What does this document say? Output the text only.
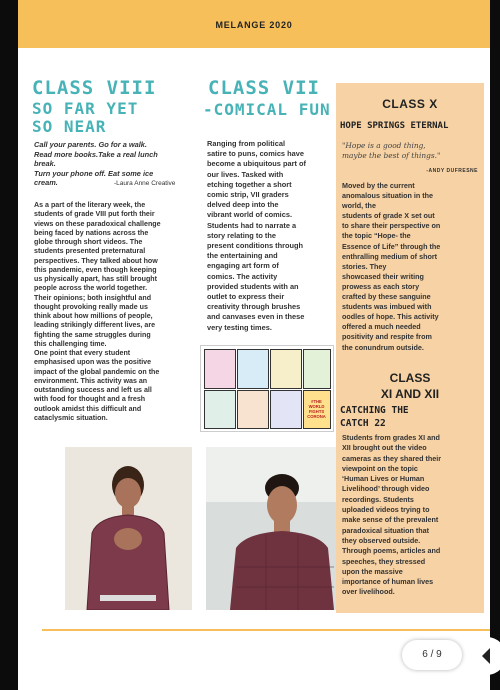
MELANGE 2020
CLASS VIII
SO FAR YET
SO NEAR
Call your parents. Go for a walk.
Read more books.Take a real lunch
break.
Turn your phone off. Eat some ice
cream.	-Laura Anne Creative
As a part of the literary week, the
students of grade VIII put forth their
views on these paradoxical challenge
being faced by nations across the
globe through short videos. The
students presented preternatural
perspectives. They talked about how
this pandemic, even though keeping
us physically apart, has still brought
people across the world together.
Their opinions; both insightful and
thought provoking really made us
think about how millions of people,
leading strikingly different lives, are
fighting the same struggles during
this challenging time.
One point that every student
emphasised upon was the positive
impact of the global pandemic on the
environment. This activity was an
outstanding success and left us all
with food for thought and a fresh
outlook amidst this difficult and
cataclysmic situation.
CLASS VII
-COMICAL FUN
Ranging from political
satire to puns, comics have
become a ubiquitous part of
our lives. Tasked with
etching together a short
comic strip, VII graders
delved deep into the
vibrant world of comics.
Students had to narrate a
story relating to the
present conditions through
the entertaining and
engaging art form of
comics. The activity
provided students with an
outlet to express their
creativity through brushes
and canvases even in these
very testing times.
#THE WORLD
FIGHTS
CORONA
CLASS X
HOPE SPRINGS ETERNAL
"Hope is a good thing,
maybe the best of things."
-ANDY DUFRESNE
Moved by the current
anomalous situation in the
world, the
students of grade X set out
to share their perspective on
the topic “Hope- the
Essence of Life” through the
enthralling medium of short
stories. They
showcased their writing
prowess as each story
crafted by these sanguine
students was imbued with
oodles of hope. This activity
offered a much needed
positivity and respite from
the conundrum outside.
CLASS
XI AND XII
CATCHING THE
CATCH 22
Students from grades XI and
XII brought out the video
cameras as they shared their
viewpoint on the topic
‘Human Lives or Human
Livelihood’ through video
recordings. Students
uploaded videos trying to
make sense of the prevalent
paradoxical situation that
they observed outside.
Through poems, articles and
speeches, they stressed
upon the massive
importance of human lives
over livelihood.
6 / 9
